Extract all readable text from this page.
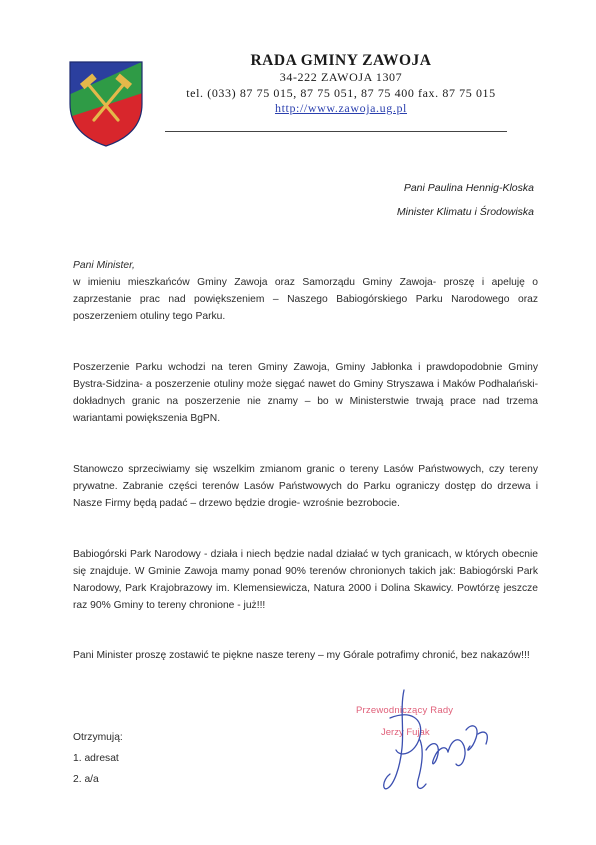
RADA GMINY ZAWOJA
34-222 ZAWOJA 1307
tel. (033) 87 75 015, 87 75 051, 87 75 400 fax. 87 75 015
http://www.zawoja.ug.pl
Pani Paulina Hennig-Kloska
Minister Klimatu i Środowiska

Pani Minister,

w imieniu mieszkańców Gminy Zawoja oraz Samorządu Gminy Zawoja- proszę i apeluję o zaprzestanie prac nad powiększeniem – Naszego Babiogórskiego Parku Narodowego oraz poszerzeniem otuliny tego Parku.

Poszerzenie Parku wchodzi na teren Gminy Zawoja, Gminy Jabłonka i prawdopodobnie Gminy Bystra-Sidzina- a poszerzenie otuliny może sięgać nawet do Gminy Stryszawa i Maków Podhalański- dokładnych granic na poszerzenie nie znamy – bo w Ministerstwie trwają prace nad trzema wariantami powiększenia BgPN.

Stanowczo sprzeciwiamy się wszelkim zmianom granic o tereny Lasów Państwowych, czy tereny prywatne. Zabranie części terenów Lasów Państwowych do Parku ograniczy dostęp do drzewa i Nasze Firmy będą padać – drzewo będzie drogie- wzrośnie bezrobocie.

Babiogórski Park Narodowy - działa i niech będzie nadal działać w tych granicach, w których obecnie się znajduje. W Gminie Zawoja mamy ponad 90% terenów chronionych takich jak: Babiogórski Park Narodowy, Park Krajobrazowy im. Klemensiewicza, Natura 2000 i Dolina Skawicy. Powtórzę jeszcze raz 90% Gminy to tereny chronione - już!!!

Pani Minister proszę zostawić te piękne nasze tereny – my Górale potrafimy chronić, bez nakazów!!!
Przewodniczący Rady
Jerzy Fujak
Otrzymują:
1. adresat
2. a/a
